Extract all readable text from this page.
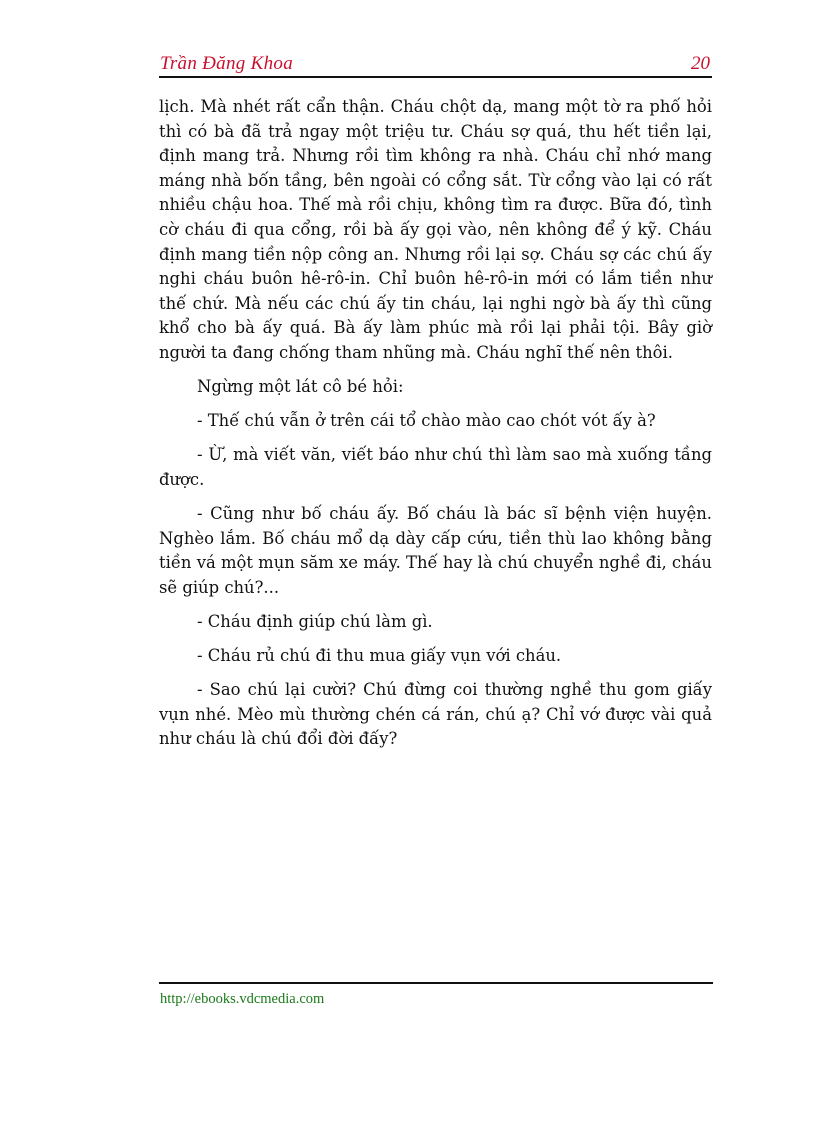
Trần Đăng Khoa	20

lịch. Mà nhét rất cẩn thận. Cháu chột dạ, mang một tờ ra phố hỏi thì có bà đã trả ngay một triệu tư. Cháu sợ quá, thu hết tiền lại, định mang trả. Nhưng rồi tìm không ra nhà. Cháu chỉ nhớ mang máng nhà bốn tầng, bên ngoài có cổng sắt. Từ cổng vào lại có rất nhiều chậu hoa. Thế mà rồi chịu, không tìm ra được. Bữa đó, tình cờ cháu đi qua cổng, rồi bà ấy gọi vào, nên không để ý kỹ. Cháu định mang tiền nộp công an. Nhưng rồi lại sợ. Cháu sợ các chú ấy nghi cháu buôn hê-rô-in. Chỉ buôn hê-rô-in mới có lắm tiền như thế chứ. Mà nếu các chú ấy tin cháu, lại nghi ngờ bà ấy thì cũng khổ cho bà ấy quá. Bà ấy làm phúc mà rồi lại phải tội. Bây giờ người ta đang chống tham nhũng mà. Cháu nghĩ thế nên thôi.

Ngừng một lát cô bé hỏi:

- Thế chú vẫn ở trên cái tổ chào mào cao chót vót ấy à?

- Ừ, mà viết văn, viết báo như chú thì làm sao mà xuống tầng được.

- Cũng như bố cháu ấy. Bố cháu là bác sĩ bệnh viện huyện. Nghèo lắm. Bố cháu mổ dạ dày cấp cứu, tiền thù lao không bằng tiền vá một mụn săm xe máy. Thế hay là chú chuyển nghề đi, cháu sẽ giúp chú?...

- Cháu định giúp chú làm gì.

- Cháu rủ chú đi thu mua giấy vụn với cháu.

- Sao chú lại cười? Chú đừng coi thường nghề thu gom giấy vụn nhé. Mèo mù thường chén cá rán, chú ạ? Chỉ vớ được vài quả như cháu là chú đổi đời đấy?

http://ebooks.vdcmedia.com
